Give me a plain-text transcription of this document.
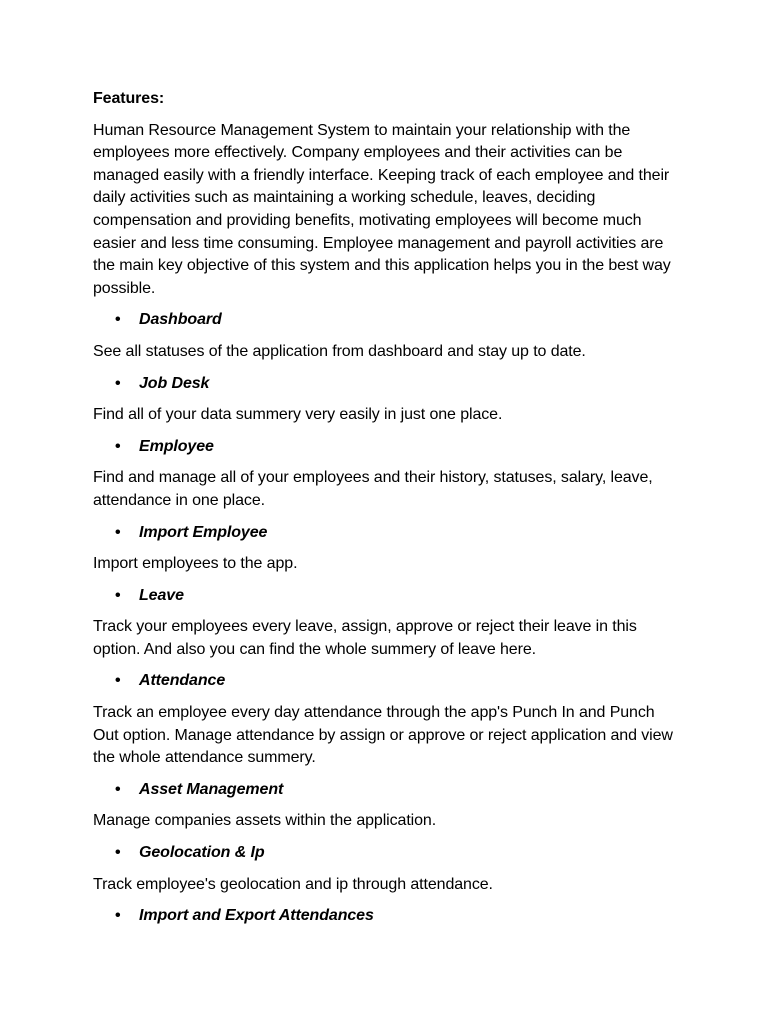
Features:
Human Resource Management System to maintain your relationship with the employees more effectively. Company employees and their activities can be managed easily with a friendly interface. Keeping track of each employee and their daily activities such as maintaining a working schedule, leaves, deciding compensation and providing benefits, motivating employees will become much easier and less time consuming. Employee management and payroll activities are the main key objective of this system and this application helps you in the best way possible.
• Dashboard
See all statuses of the application from dashboard and stay up to date.
• Job Desk
Find all of your data summery very easily in just one place.
• Employee
Find and manage all of your employees and their history, statuses, salary, leave, attendance in one place.
• Import Employee
Import employees to the app.
• Leave
Track your employees every leave, assign, approve or reject their leave in this option. And also you can find the whole summery of leave here.
• Attendance
Track an employee every day attendance through the app's Punch In and Punch Out option. Manage attendance by assign or approve or reject application and view the whole attendance summery.
• Asset Management
Manage companies assets within the application.
• Geolocation & Ip
Track employee's geolocation and ip through attendance.
• Import and Export Attendances
